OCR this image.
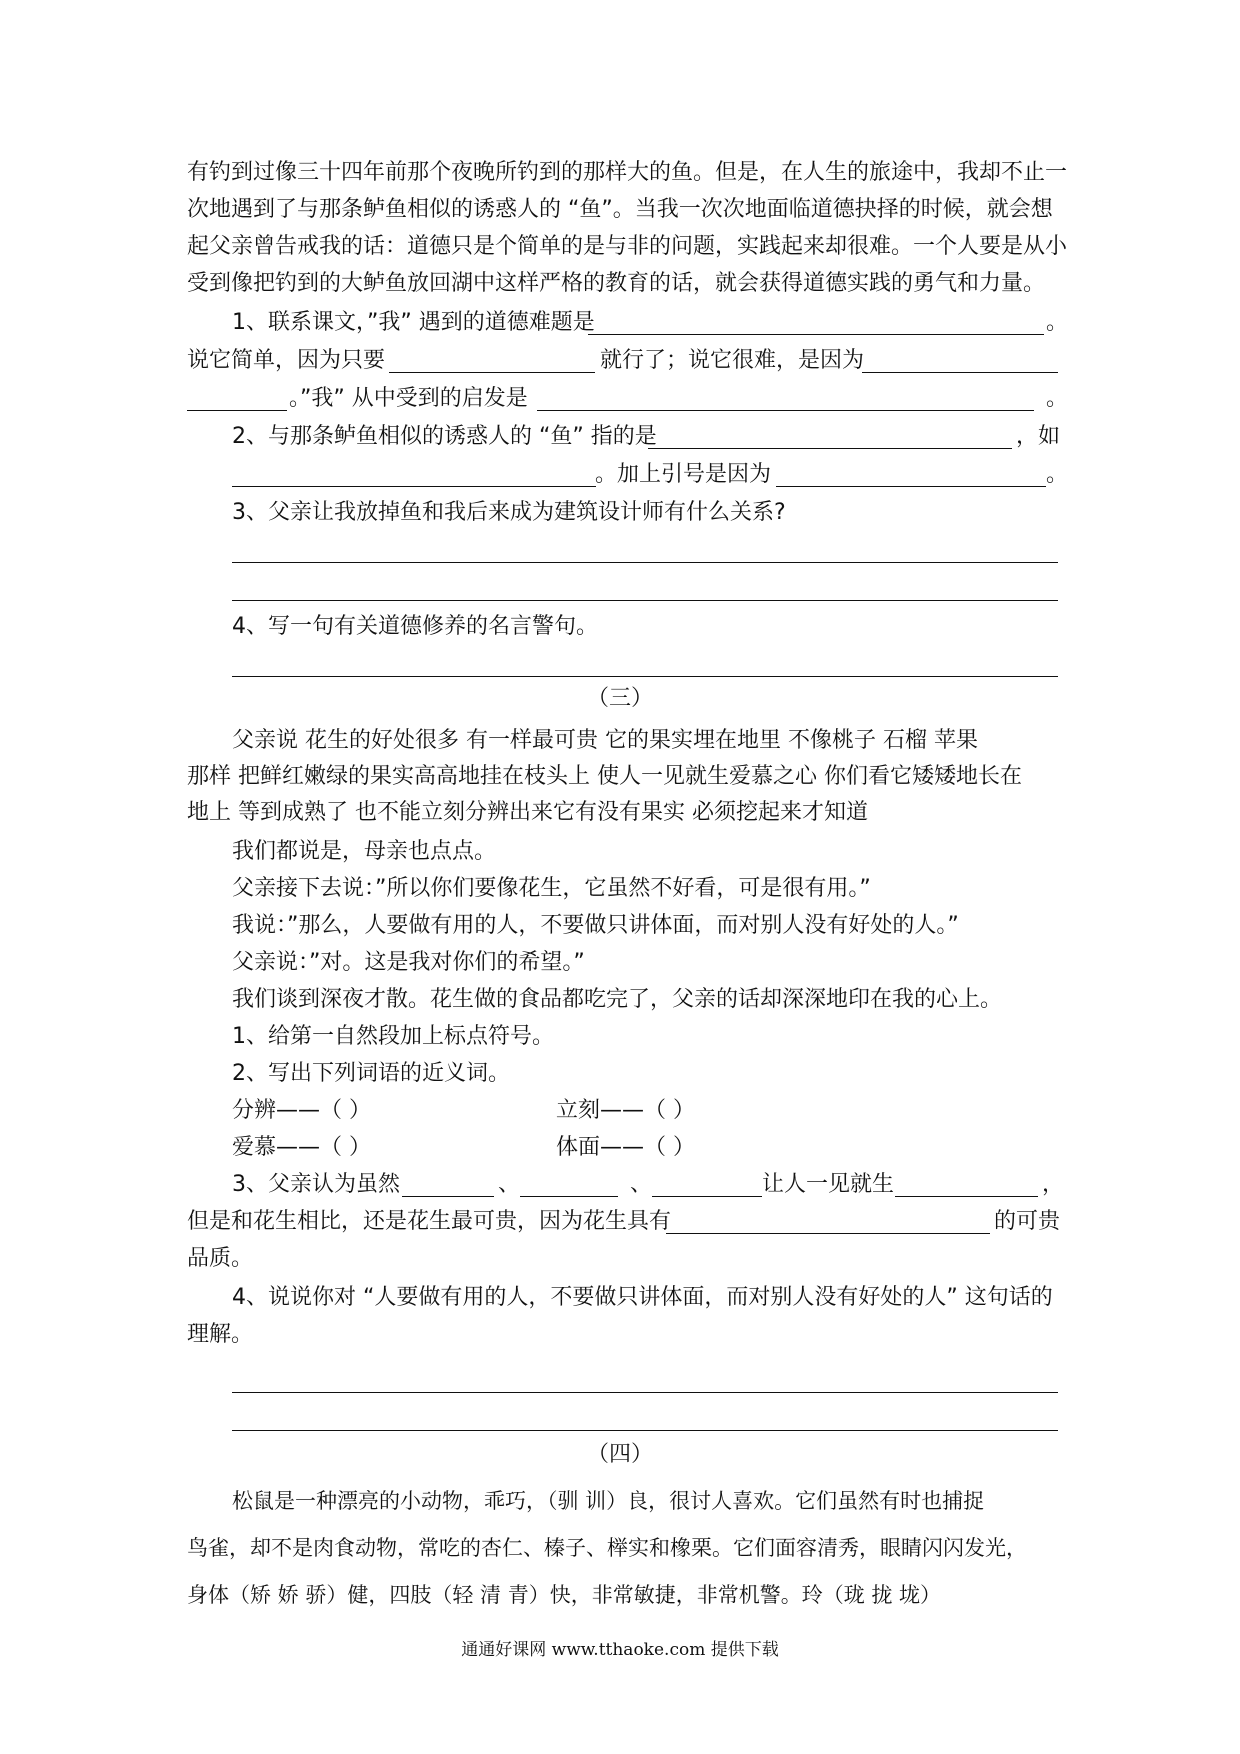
有钓到过像三十四年前那个夜晚所钓到的那样大的鱼。但是，在人生的旅途中，我却不止一
次地遇到了与那条鲈鱼相似的诱惑人的 “鱼”。当我一次次地面临道德抉择的时候，就会想
起父亲曾告戒我的话：道德只是个简单的是与非的问题，实践起来却很难。一个人要是从小
受到像把钓到的大鲈鱼放回湖中这样严格的教育的话，就会获得道德实践的勇气和力量。
1、联系课文，”我” 遇到的道德难题是	。
说它简单，因为只要	就行了；说它很难，是因为
。”我” 从中受到的启发是	。
2、与那条鲈鱼相似的诱惑人的 “鱼” 指的是	，如
。加上引号是因为	。
3、父亲让我放掉鱼和我后来成为建筑设计师有什么关系?
4、写一句有关道德修养的名言警句。
（三）
父亲说 花生的好处很多 有一样最可贵 它的果实埋在地里 不像桃子 石榴 苹果
那样 把鲜红嫩绿的果实高高地挂在枝头上 使人一见就生爱慕之心 你们看它矮矮地长在
地上 等到成熟了 也不能立刻分辨出来它有没有果实 必须挖起来才知道
我们都说是，母亲也点点。
父亲接下去说：”所以你们要像花生，它虽然不好看，可是很有用。”
我说：”那么，人要做有用的人，不要做只讲体面，而对别人没有好处的人。”
父亲说：”对。这是我对你们的希望。”
我们谈到深夜才散。花生做的食品都吃完了，父亲的话却深深地印在我的心上。
1、给第一自然段加上标点符号。
2、写出下列词语的近义词。
分辨——（ ）	立刻——（ ）
爱慕——（ ）	体面——（ ）
3、父亲认为虽然	、	、	让人一见就生	，
但是和花生相比，还是花生最可贵，因为花生具有	的可贵
品质。
4、说说你对 “人要做有用的人，不要做只讲体面，而对别人没有好处的人” 这句话的
理解。
（四）
松鼠是一种漂亮的小动物，乖巧，（驯 训）良，很讨人喜欢。它们虽然有时也捕捉
鸟雀，却不是肉食动物，常吃的杏仁、榛子、榉实和橡栗。它们面容清秀，眼睛闪闪发光，
身体（矫 娇 骄）健，四肢（轻 清 青）快，非常敏捷，非常机警。玲（珑 拢 垅）
通通好课网 www.tthaoke.com 提供下载
